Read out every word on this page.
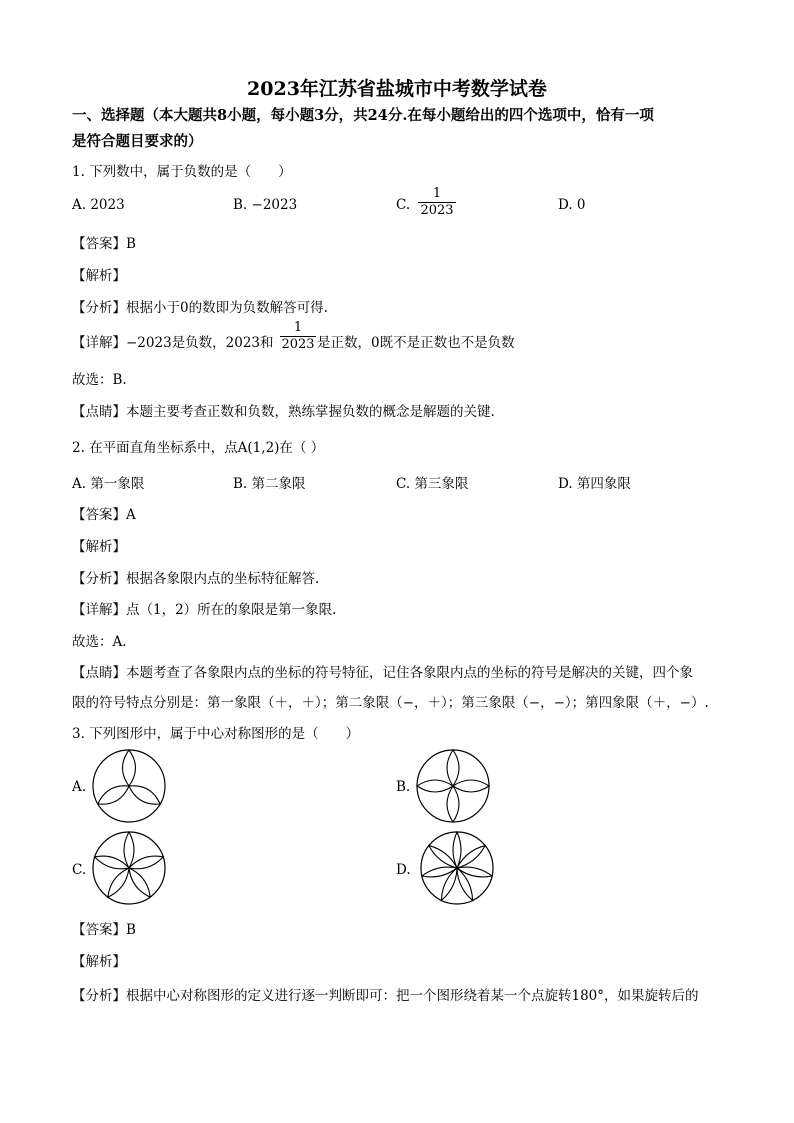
2023年江苏省盐城市中考数学试卷
一、选择题（本大题共8小题，每小题3分，共24分.在每小题给出的四个选项中，恰有一项
是符合题目要求的）
1. 下列数中，属于负数的是（　　）
A. 2023	B. −2023	C.
1
2023	D. 0
【答案】B
【解析】
【分析】根据小于0的数即为负数解答可得.
【详解】−2023是负数，2023和
1
2023 是正数，0既不是正数也不是负数
故选：B.
【点睛】本题主要考查正数和负数，熟练掌握负数的概念是解题的关键.
2. 在平面直角坐标系中，点A(1,2)在（ ）
A. 第一象限	B. 第二象限	C. 第三象限	D. 第四象限
【答案】A
【解析】
【分析】根据各象限内点的坐标特征解答.
【详解】点（1，2）所在的象限是第一象限.
故选：A.
【点睛】本题考查了各象限内点的坐标的符号特征，记住各象限内点的坐标的符号是解决的关键，四个象
限的符号特点分别是：第一象限（＋，＋）；第二象限（−，＋）；第三象限（−，−）；第四象限（＋，−）.
3. 下列图形中，属于中心对称图形的是（　　）
A.	B.
C.	D.
【答案】B
【解析】
【分析】根据中心对称图形的定义进行逐一判断即可：把一个图形绕着某一个点旋转180°，如果旋转后的
